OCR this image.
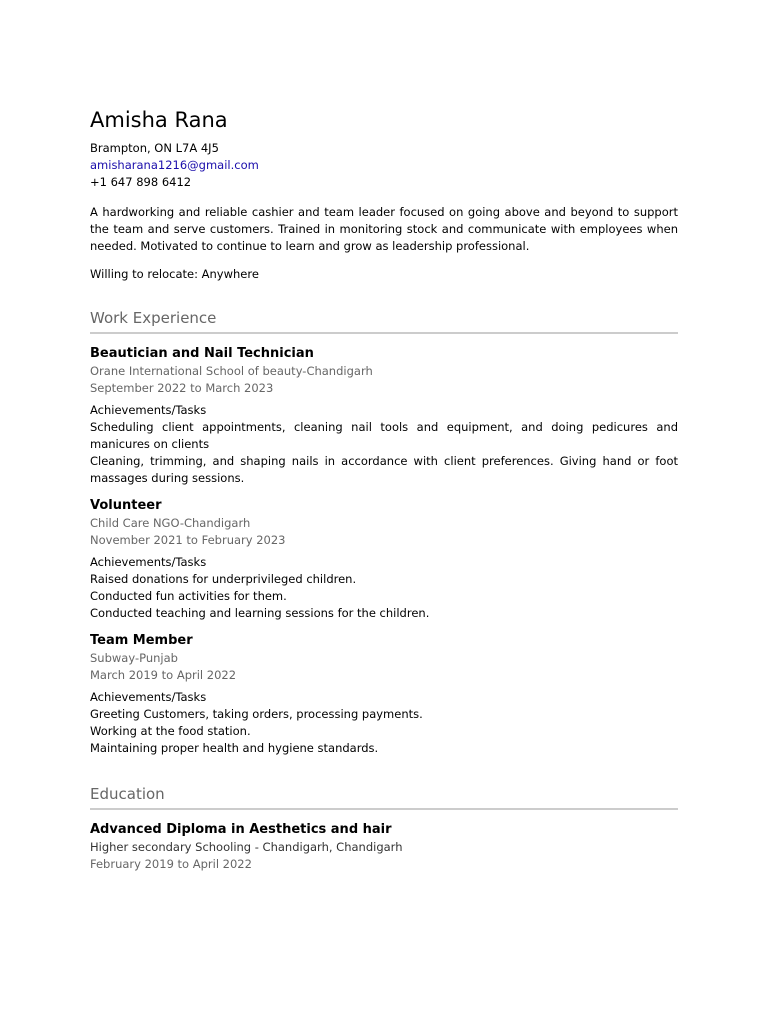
Amisha Rana

Brampton, ON L7A 4J5

amisharana1216@gmail.com

+1 647 898 6412

A hardworking and reliable cashier and team leader focused on going above and beyond to support the team and serve customers. Trained in monitoring stock and communicate with employees when needed. Motivated to continue to learn and grow as leadership professional.

Willing to relocate: Anywhere

Work Experience

Beautician and Nail Technician

Orane International School of beauty-Chandigarh

September 2022 to March 2023

Achievements/Tasks

Scheduling client appointments, cleaning nail tools and equipment, and doing pedicures and manicures on clients

Cleaning, trimming, and shaping nails in accordance with client preferences. Giving hand or foot massages during sessions.

Volunteer

Child Care NGO-Chandigarh

November 2021 to February 2023

Achievements/Tasks

Raised donations for underprivileged children.

Conducted fun activities for them.

Conducted teaching and learning sessions for the children.

Team Member

Subway-Punjab

March 2019 to April 2022

Achievements/Tasks

Greeting Customers, taking orders, processing payments.

Working at the food station.

Maintaining proper health and hygiene standards.

Education

Advanced Diploma in Aesthetics and hair

Higher secondary Schooling - Chandigarh, Chandigarh

February 2019 to April 2022
